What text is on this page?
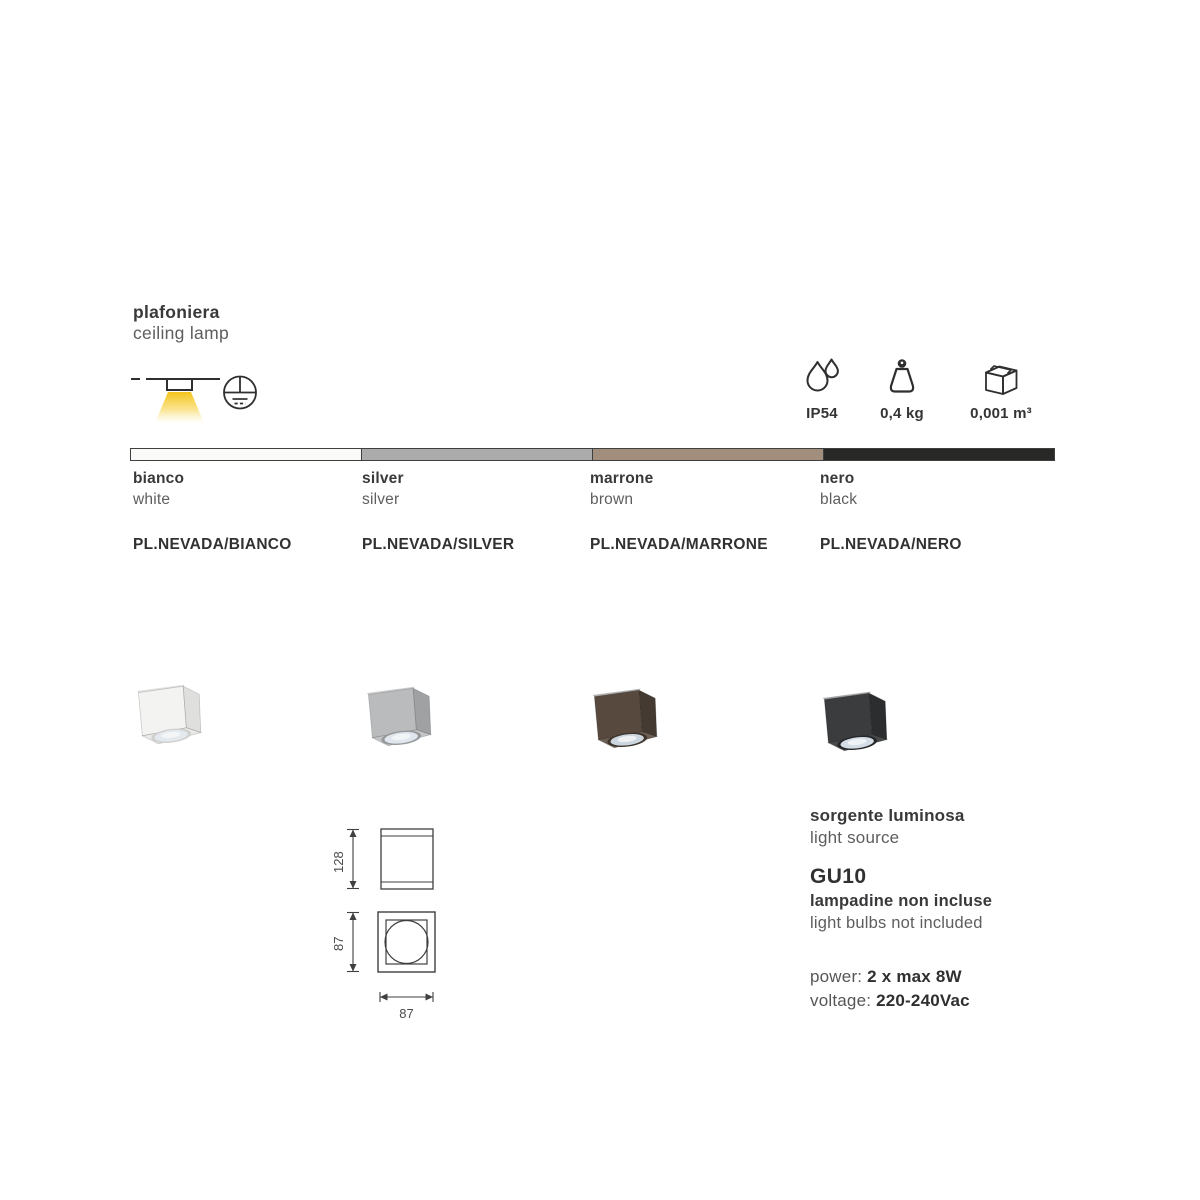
plafoniera
ceiling lamp
IP54	0,4 kg	0,001 m³
bianco
white
silver
silver
marrone
brown
nero
black
PL.NEVADA/BIANCO	PL.NEVADA/SILVER	PL.NEVADA/MARRONE	PL.NEVADA/NERO
128
87
87
sorgente luminosa
light source
GU10
lampadine non incluse
light bulbs not included
power: 2 x max 8W
voltage: 220-240Vac
